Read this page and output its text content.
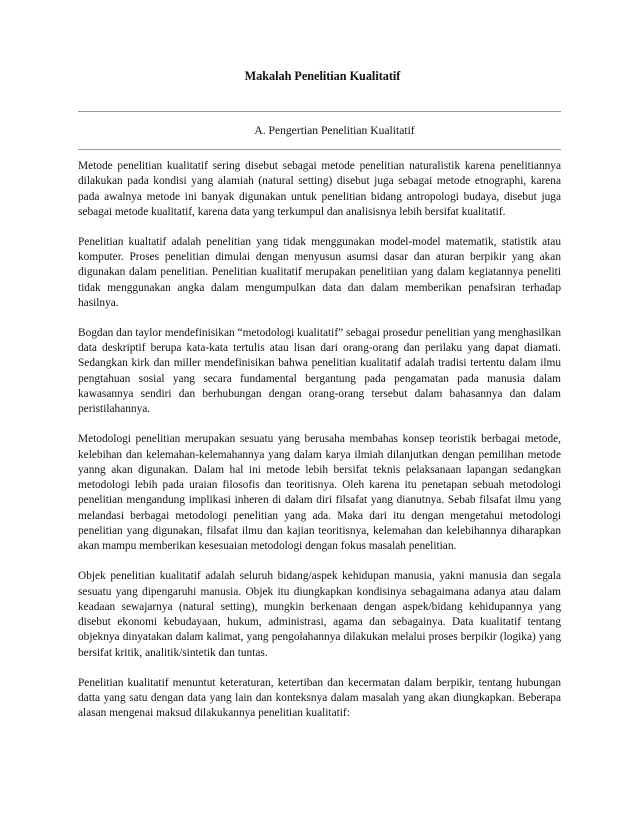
Makalah Penelitian Kualitatif
A. Pengertian Penelitian Kualitatif

Metode penelitian kualitatif sering disebut sebagai metode penelitian naturalistik karena penelitiannya dilakukan pada kondisi yang alamiah (natural setting) disebut juga sebagai metode etnographi, karena pada awalnya metode ini banyak digunakan untuk penelitian bidang antropologi budaya, disebut juga sebagai metode kualitatif, karena data yang terkumpul dan analisisnya lebih bersifat kualitatif.

Penelitian kualtatif adalah penelitian yang tidak menggunakan model-model matematik, statistik atau komputer. Proses penelitian dimulai dengan menyusun asumsi dasar dan aturan berpikir yang akan digunakan dalam penelitian. Penelitian kualitatif merupakan penelitiian yang dalam kegiatannya peneliti tidak menggunakan angka dalam mengumpulkan data dan dalam memberikan penafsiran terhadap hasilnya.

Bogdan dan taylor mendefinisikan “metodologi kualitatif” sebagai prosedur penelitian yang menghasilkan data deskriptif berupa kata-kata tertulis atau lisan dari orang-orang dan perilaku yang dapat diamati. Sedangkan kirk dan miller mendefinisikan bahwa penelitian kualitatif adalah tradisi tertentu dalam ilmu pengtahuan sosial yang secara fundamental bergantung pada pengamatan pada manusia dalam kawasannya sendiri dan berhubungan dengan orang-orang tersebut dalam bahasannya dan dalam peristilahannya.

Metodologi penelitian merupakan sesuatu yang berusaha membahas konsep teoristik berbagai metode, kelebihan dan kelemahan-kelemahannya yang dalam karya ilmiah dilanjutkan dengan pemilihan metode yanng akan digunakan. Dalam hal ini metode lebih bersifat teknis pelaksanaan lapangan sedangkan metodologi lebih pada uraian filosofis dan teoritisnya. Oleh karena itu penetapan sebuah metodologi penelitian mengandung implikasi inheren di dalam diri filsafat yang dianutnya. Sebab filsafat ilmu yang melandasi berbagai metodologi penelitian yang ada. Maka dari itu dengan mengetahui metodologi penelitian yang digunakan, filsafat ilmu dan kajian teoritisnya, kelemahan dan kelebihannya diharapkan akan mampu memberikan kesesuaian metodologi dengan fokus masalah penelitian.

Objek penelitian kualitatif adalah seluruh bidang/aspek kehidupan manusia, yakni manusia dan segala sesuatu yang dipengaruhi manusia. Objek itu diungkapkan kondisinya sebagaimana adanya atau dalam keadaan sewajarnya (natural setting), mungkin berkenaan dengan aspek/bidang kehidupannya yang disebut ekonomi kebudayaan, hukum, administrasi, agama dan sebagainya. Data kualitatif tentang objeknya dinyatakan dalam kalimat, yang pengolahannya dilakukan melalui proses berpikir (logika) yang bersifat kritik, analitik/sintetik dan tuntas.

Penelitian kualitatif menuntut keteraturan, ketertiban dan kecermatan dalam berpikir, tentang hubungan datta yang satu dengan data yang lain dan konteksnya dalam masalah yang akan diungkapkan. Beberapa alasan mengenai maksud dilakukannya penelitian kualitatif:
